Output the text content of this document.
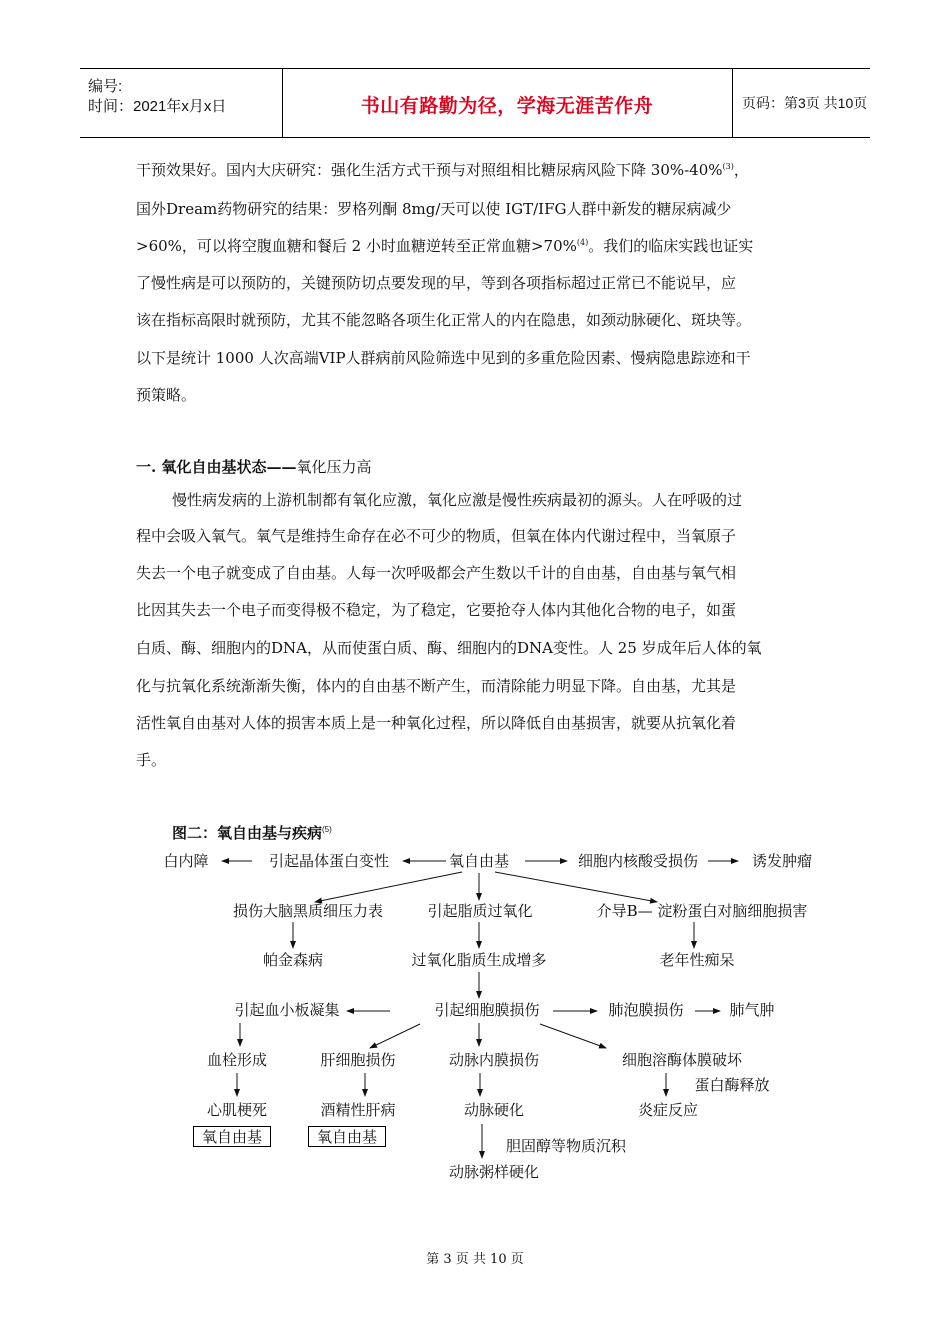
编号:
时间：2021年x月x日	书山有路勤为径，学海无涯苦作舟	页码：第3页 共10页
干预效果好。国内大庆研究：强化生活方式干预与对照组相比糖尿病风险下降 30%-40%$^{(3)}$，
国外Dream药物研究的结果：罗格列酮 8mg/天可以使 IGT/IFG人群中新发的糖尿病减少
>60%，可以将空腹血糖和餐后 2 小时血糖逆转至正常血糖>70%$^{(4)}$。我们的临床实践也证实
了慢性病是可以预防的，关键预防切点要发现的早，等到各项指标超过正常已不能说早，应
该在指标高限时就预防，尤其不能忽略各项生化正常人的内在隐患，如颈动脉硬化、斑块等。
以下是统计 1000 人次高端VIP人群病前风险筛选中见到的多重危险因素、慢病隐患踪迹和干
预策略。
一. 氧化自由基状态——氧化压力高
慢性病发病的上游机制都有氧化应激，氧化应激是慢性疾病最初的源头。人在呼吸的过
程中会吸入氧气。氧气是维持生命存在必不可少的物质，但氧在体内代谢过程中，当氧原子
失去一个电子就变成了自由基。人每一次呼吸都会产生数以千计的自由基，自由基与氧气相
比因其失去一个电子而变得极不稳定，为了稳定，它要抢夺人体内其他化合物的电子，如蛋
白质、酶、细胞内的DNA，从而使蛋白质、酶、细胞内的DNA变性。人 25 岁成年后人体的氧
化与抗氧化系统渐渐失衡，体内的自由基不断产生，而清除能力明显下降。自由基，尤其是
活性氧自由基对人体的损害本质上是一种氧化过程，所以降低自由基损害，就要从抗氧化着
手。
图二：氧自由基与疾病$^{(5)}$
氧自由基
引起晶体蛋白变性
白内障	细胞内核酸受损伤	诱发肿瘤
损伤大脑黑质细压力表	引起脂质过氧化	介导B— 淀粉蛋白对脑细胞损害
帕金森病	过氧化脂质生成增多	老年性痴呆
引起血小板凝集	引起细胞膜损伤	肺泡膜损伤	肺气肿
血栓形成	肝细胞损伤	动脉内膜损伤	细胞溶酶体膜破坏
蛋白酶释放
心肌梗死	酒精性肝病	动脉硬化	炎症反应
氧自由基	氧自由基	胆固醇等物质沉积
动脉粥样硬化
第 3 页 共 10 页
